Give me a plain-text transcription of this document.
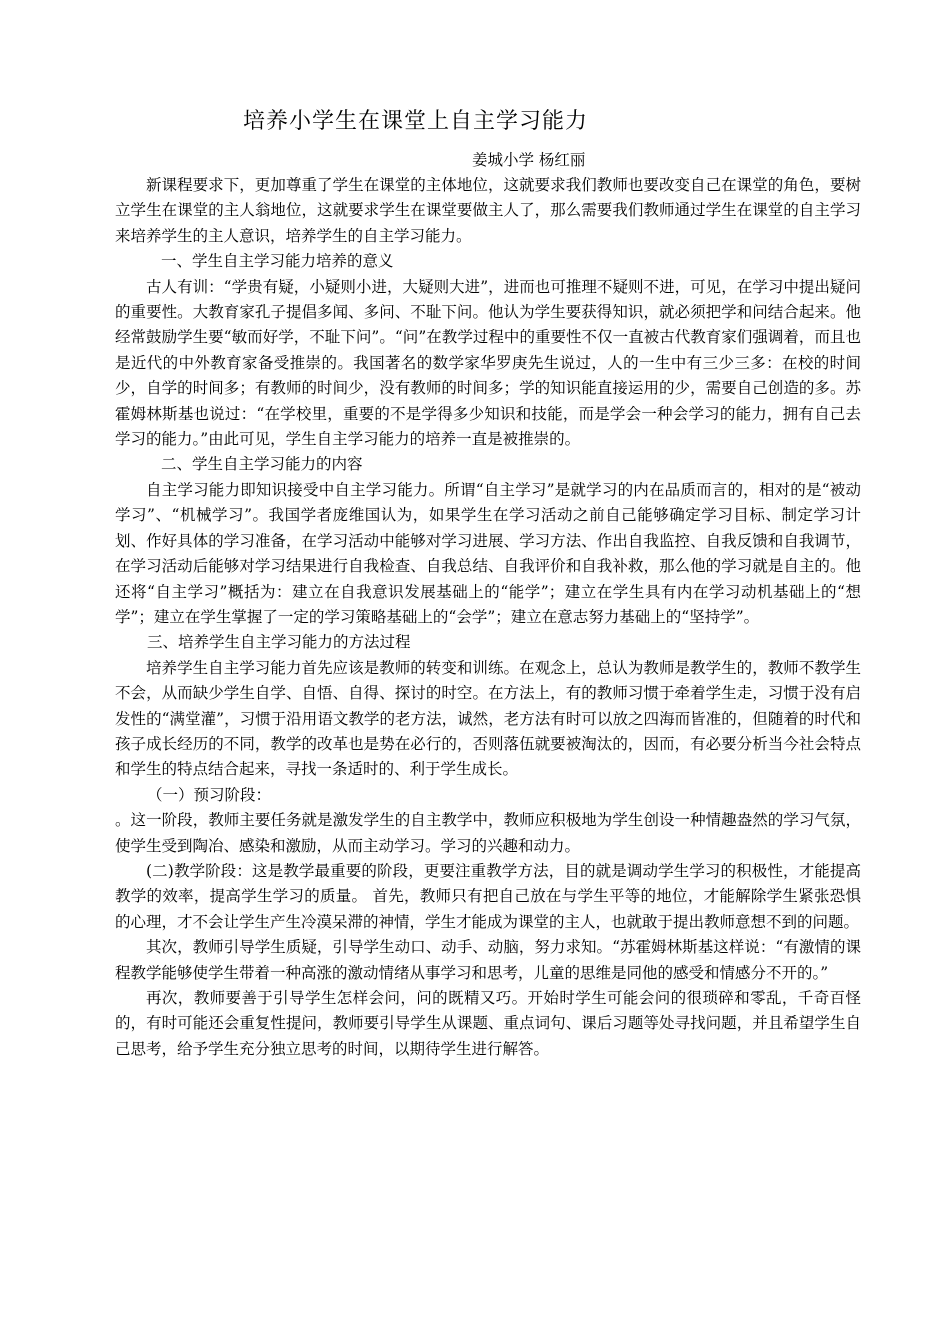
培养小学生在课堂上自主学习能力
姜城小学 杨红丽

新课程要求下，更加尊重了学生在课堂的主体地位，这就要求我们教师也要改变自己在课堂的角色，要树立学生在课堂的主人翁地位，这就要求学生在课堂要做主人了，那么需要我们教师通过学生在课堂的自主学习来培养学生的主人意识，培养学生的自主学习能力。

一、学生自主学习能力培养的意义

古人有训：“学贵有疑，小疑则小进，大疑则大进”，进而也可推理不疑则不进，可见，在学习中提出疑问的重要性。大教育家孔子提倡多闻、多问、不耻下问。他认为学生要获得知识，就必须把学和问结合起来。他经常鼓励学生要“敏而好学，不耻下问”。“问”在教学过程中的重要性不仅一直被古代教育家们强调着，而且也是近代的中外教育家备受推崇的。我国著名的数学家华罗庚先生说过，人的一生中有三少三多：在校的时间少，自学的时间多；有教师的时间少，没有教师的时间多；学的知识能直接运用的少，需要自己创造的多。苏霍姆林斯基也说过：“在学校里，重要的不是学得多少知识和技能，而是学会一种会学习的能力，拥有自己去学习的能力。”由此可见，学生自主学习能力的培养一直是被推崇的。

二、学生自主学习能力的内容

自主学习能力即知识接受中自主学习能力。所谓“自主学习”是就学习的内在品质而言的，相对的是“被动学习”、“机械学习”。我国学者庞维国认为，如果学生在学习活动之前自己能够确定学习目标、制定学习计划、作好具体的学习准备，在学习活动中能够对学习进展、学习方法、作出自我监控、自我反馈和自我调节，在学习活动后能够对学习结果进行自我检查、自我总结、自我评价和自我补救，那么他的学习就是自主的。他还将“自主学习”概括为：建立在自我意识发展基础上的“能学”；建立在学生具有内在学习动机基础上的“想学”；建立在学生掌握了一定的学习策略基础上的“会学”；建立在意志努力基础上的“坚持学”。

三、培养学生自主学习能力的方法过程

培养学生自主学习能力首先应该是教师的转变和训练。在观念上，总认为教师是教学生的，教师不教学生不会，从而缺少学生自学、自悟、自得、探讨的时空。在方法上，有的教师习惯于牵着学生走，习惯于没有启发性的“满堂灌”，习惯于沿用语文教学的老方法，诚然，老方法有时可以放之四海而皆准的，但随着的时代和孩子成长经历的不同，教学的改革也是势在必行的，否则落伍就要被淘汰的，因而，有必要分析当今社会特点和学生的特点结合起来，寻找一条适时的、利于学生成长。

（一）预习阶段：

。这一阶段，教师主要任务就是激发学生的自主教学中，教师应积极地为学生创设一种情趣盎然的学习气氛，使学生受到陶冶、感染和激励，从而主动学习。学习的兴趣和动力。

(二)教学阶段：这是教学最重要的阶段，更要注重教学方法，目的就是调动学生学习的积极性，才能提高教学的效率，提高学生学习的质量。 首先，教师只有把自己放在与学生平等的地位，才能解除学生紧张恐惧的心理，才不会让学生产生冷漠呆滞的神情，学生才能成为课堂的主人，也就敢于提出教师意想不到的问题。

其次，教师引导学生质疑，引导学生动口、动手、动脑，努力求知。“苏霍姆林斯基这样说：“有激情的课程教学能够使学生带着一种高涨的激动情绪从事学习和思考，儿童的思维是同他的感受和情感分不开的。”

再次，教师要善于引导学生怎样会问，问的既精又巧。开始时学生可能会问的很琐碎和零乱，千奇百怪的，有时可能还会重复性提问，教师要引导学生从课题、重点词句、课后习题等处寻找问题，并且希望学生自己思考，给予学生充分独立思考的时间，以期待学生进行解答。
